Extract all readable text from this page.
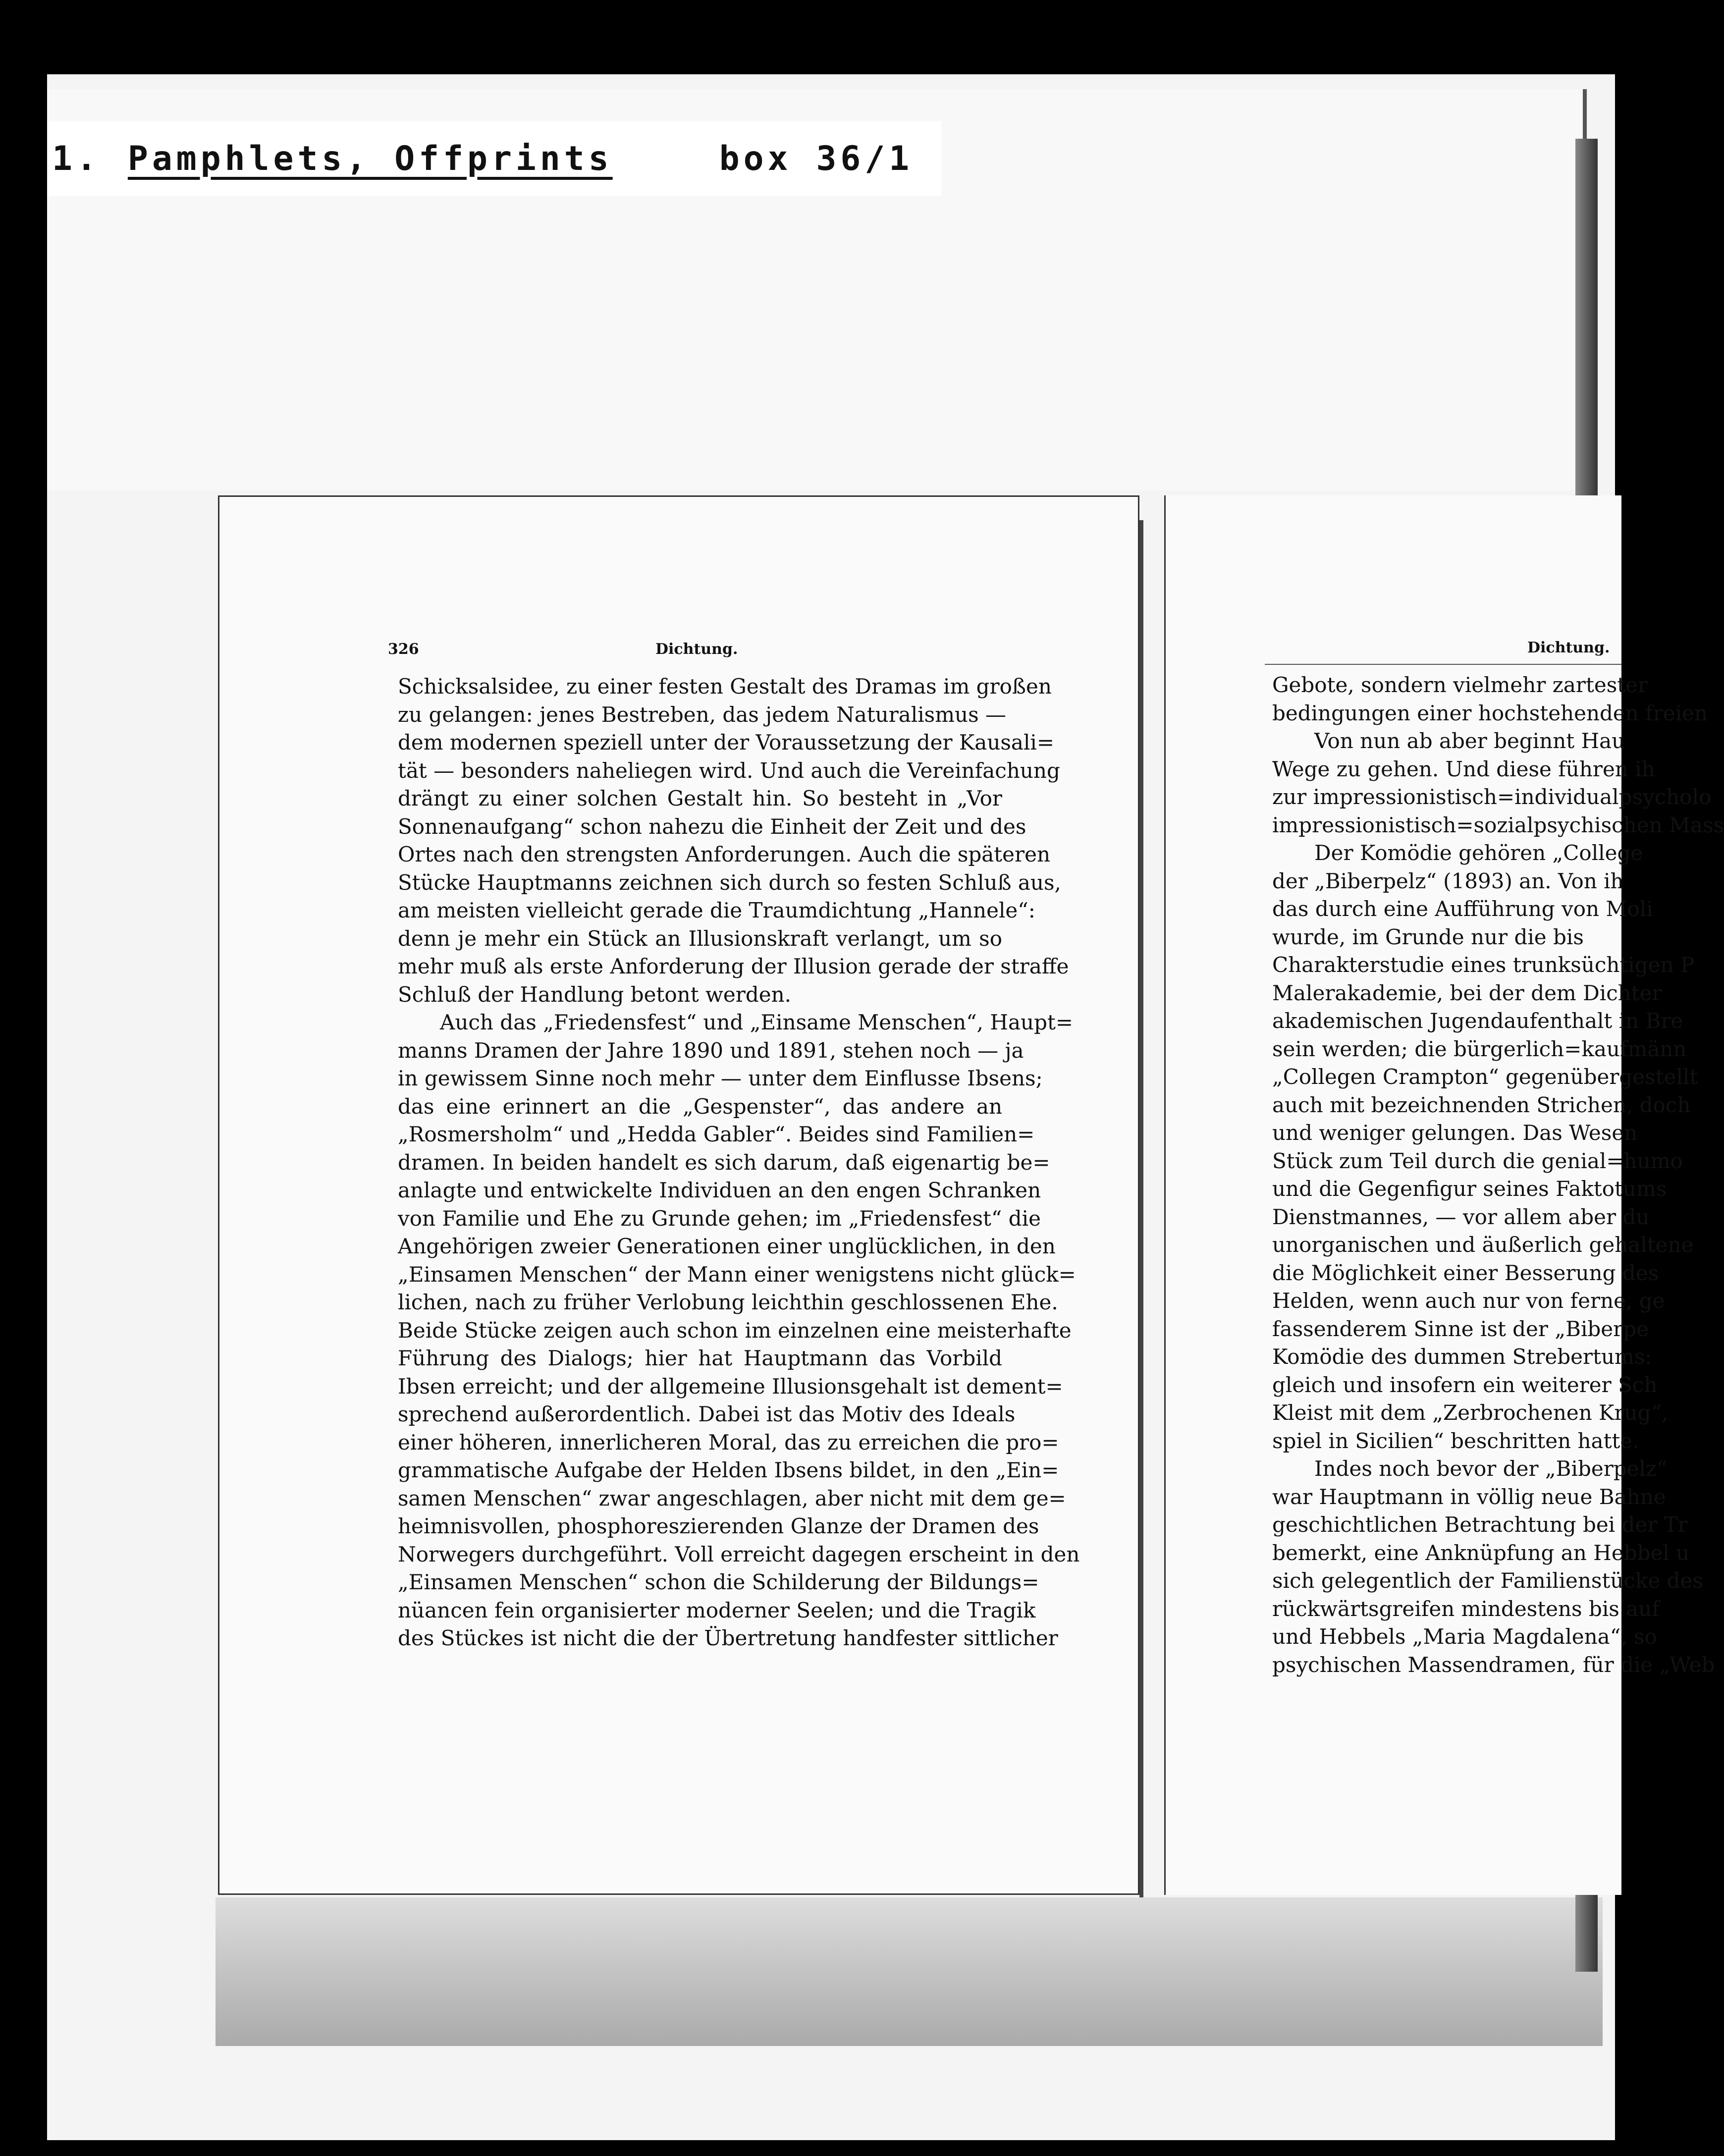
1. Pamphlets, Offprints	box 36/1
326	Dichtung.
Schicksalsidee, zu einer festen Gestalt des Dramas im großen
zu gelangen: jenes Bestreben, das jedem Naturalismus —
dem modernen speziell unter der Voraussetzung der Kausali=
tät — besonders naheliegen wird. Und auch die Vereinfachung
drängt zu einer solchen Gestalt hin. So besteht in „Vor
Sonnenaufgang“ schon nahezu die Einheit der Zeit und des
Ortes nach den strengsten Anforderungen. Auch die späteren
Stücke Hauptmanns zeichnen sich durch so festen Schluß aus,
am meisten vielleicht gerade die Traumdichtung „Hannele“:
denn je mehr ein Stück an Illusionskraft verlangt, um so
mehr muß als erste Anforderung der Illusion gerade der straffe
Schluß der Handlung betont werden.
Auch das „Friedensfest“ und „Einsame Menschen“, Haupt=
manns Dramen der Jahre 1890 und 1891, stehen noch — ja
in gewissem Sinne noch mehr — unter dem Einflusse Ibsens;
das eine erinnert an die „Gespenster“, das andere an
„Rosmersholm“ und „Hedda Gabler“. Beides sind Familien=
dramen. In beiden handelt es sich darum, daß eigenartig be=
anlagte und entwickelte Individuen an den engen Schranken
von Familie und Ehe zu Grunde gehen; im „Friedensfest“ die
Angehörigen zweier Generationen einer unglücklichen, in den
„Einsamen Menschen“ der Mann einer wenigstens nicht glück=
lichen, nach zu früher Verlobung leichthin geschlossenen Ehe.
Beide Stücke zeigen auch schon im einzelnen eine meisterhafte
Führung des Dialogs; hier hat Hauptmann das Vorbild
Ibsen erreicht; und der allgemeine Illusionsgehalt ist dement=
sprechend außerordentlich. Dabei ist das Motiv des Ideals
einer höheren, innerlicheren Moral, das zu erreichen die pro=
grammatische Aufgabe der Helden Ibsens bildet, in den „Ein=
samen Menschen“ zwar angeschlagen, aber nicht mit dem ge=
heimnisvollen, phosphoreszierenden Glanze der Dramen des
Norwegers durchgeführt. Voll erreicht dagegen erscheint in den
„Einsamen Menschen“ schon die Schilderung der Bildungs=
nüancen fein organisierter moderner Seelen; und die Tragik
des Stückes ist nicht die der Übertretung handfester sittlicher
Dichtung.
Gebote, sondern vielmehr zartester
bedingungen einer hochstehenden freien
Von nun ab aber beginnt Hau
Wege zu gehen. Und diese führen ih
zur impressionistisch=individualpsycholo
impressionistisch=sozialpsychischen Mass
Der Komödie gehören „College
der „Biberpelz“ (1893) an. Von ih
das durch eine Aufführung von Moli
wurde, im Grunde nur die bis
Charakterstudie eines trunksüchtigen P
Malerakademie, bei der dem Dichter
akademischen Jugendaufenthalt in Bre
sein werden; die bürgerlich=kaufmänn
„Collegen Crampton“ gegenübergestellt
auch mit bezeichnenden Strichen, doch
und weniger gelungen. Das Wesen
Stück zum Teil durch die genial=humo
und die Gegenfigur seines Faktotums
Dienstmannes, — vor allem aber du
unorganischen und äußerlich gehaltene
die Möglichkeit einer Besserung des
Helden, wenn auch nur von ferne, ge
fassenderem Sinne ist der „Biberpe
Komödie des dummen Strebertums:
gleich und insofern ein weiterer Sch
Kleist mit dem „Zerbrochenen Krug“,
spiel in Sicilien“ beschritten hatte.
Indes noch bevor der „Biberpelz“
war Hauptmann in völlig neue Bahne
geschichtlichen Betrachtung bei der Tr
bemerkt, eine Anknüpfung an Hebbel u
sich gelegentlich der Familienstücke des
rückwärtsgreifen mindestens bis auf
und Hebbels „Maria Magdalena“, so
psychischen Massendramen, für die „Web
